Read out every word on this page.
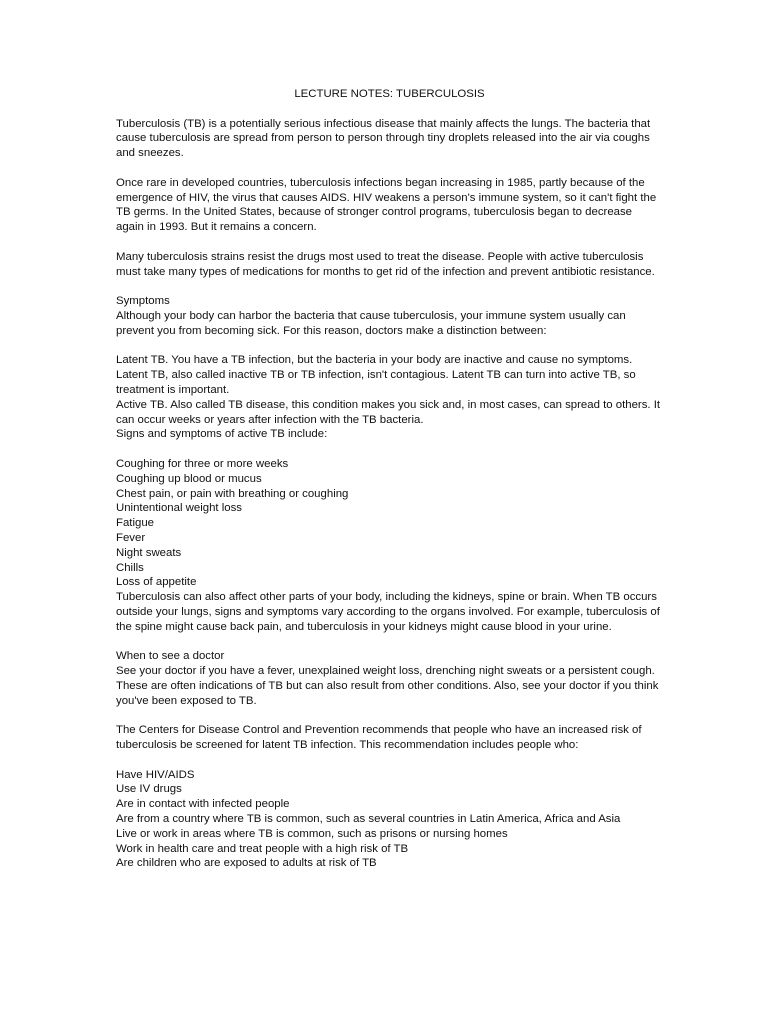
LECTURE NOTES: TUBERCULOSIS

Tuberculosis (TB) is a potentially serious infectious disease that mainly affects the lungs. The bacteria that cause tuberculosis are spread from person to person through tiny droplets released into the air via coughs and sneezes.

Once rare in developed countries, tuberculosis infections began increasing in 1985, partly because of the emergence of HIV, the virus that causes AIDS. HIV weakens a person's immune system, so it can't fight the TB germs. In the United States, because of stronger control programs, tuberculosis began to decrease again in 1993. But it remains a concern.

Many tuberculosis strains resist the drugs most used to treat the disease. People with active tuberculosis must take many types of medications for months to get rid of the infection and prevent antibiotic resistance.

Symptoms

Although your body can harbor the bacteria that cause tuberculosis, your immune system usually can prevent you from becoming sick. For this reason, doctors make a distinction between:

Latent TB. You have a TB infection, but the bacteria in your body are inactive and cause no symptoms. Latent TB, also called inactive TB or TB infection, isn't contagious. Latent TB can turn into active TB, so treatment is important.
Active TB. Also called TB disease, this condition makes you sick and, in most cases, can spread to others. It can occur weeks or years after infection with the TB bacteria.
Signs and symptoms of active TB include:
Coughing for three or more weeks
Coughing up blood or mucus
Chest pain, or pain with breathing or coughing
Unintentional weight loss
Fatigue
Fever
Night sweats
Chills
Loss of appetite

Tuberculosis can also affect other parts of your body, including the kidneys, spine or brain. When TB occurs outside your lungs, signs and symptoms vary according to the organs involved. For example, tuberculosis of the spine might cause back pain, and tuberculosis in your kidneys might cause blood in your urine.

When to see a doctor

See your doctor if you have a fever, unexplained weight loss, drenching night sweats or a persistent cough. These are often indications of TB but can also result from other conditions. Also, see your doctor if you think you've been exposed to TB.

The Centers for Disease Control and Prevention recommends that people who have an increased risk of tuberculosis be screened for latent TB infection. This recommendation includes people who:

Have HIV/AIDS
Use IV drugs
Are in contact with infected people
Are from a country where TB is common, such as several countries in Latin America, Africa and Asia
Live or work in areas where TB is common, such as prisons or nursing homes
Work in health care and treat people with a high risk of TB
Are children who are exposed to adults at risk of TB
